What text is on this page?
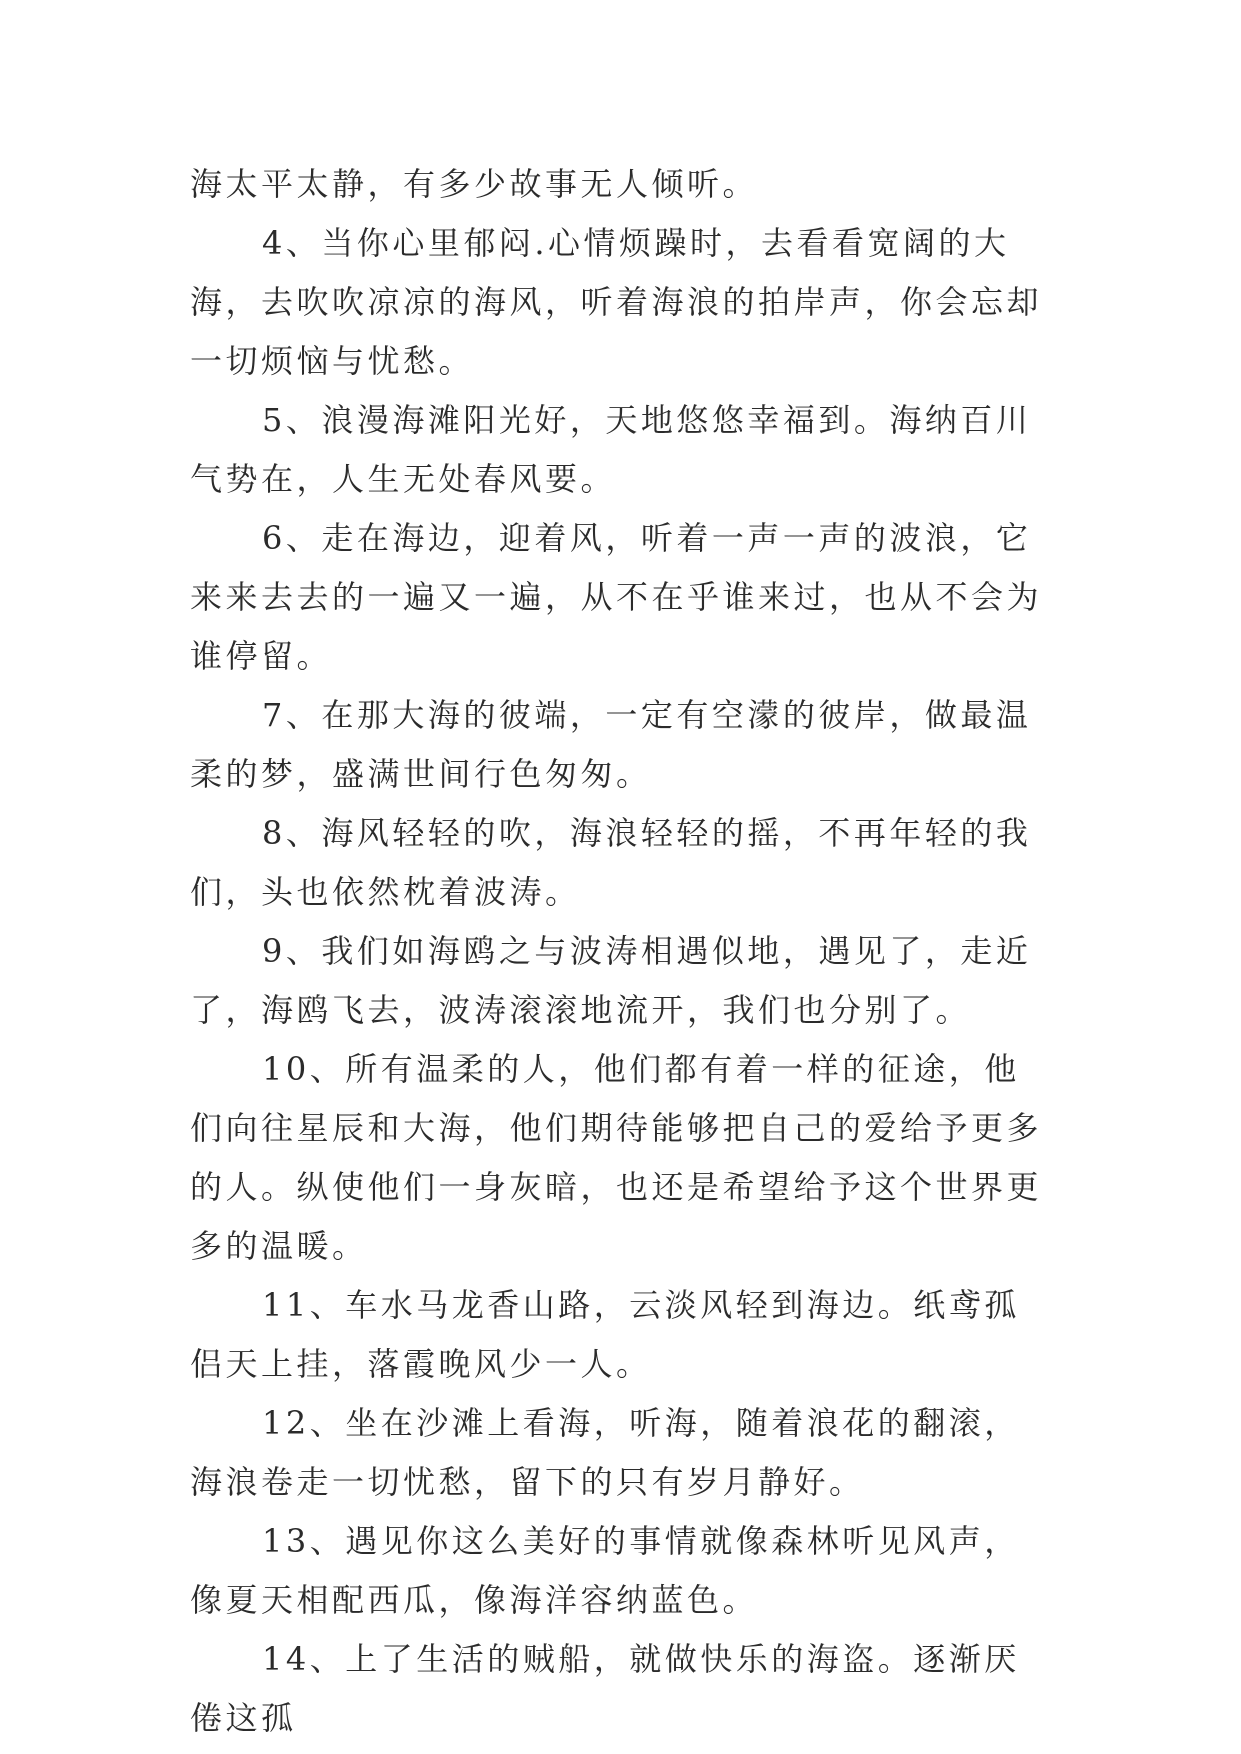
海太平太静，有多少故事无人倾听。

4、当你心里郁闷.心情烦躁时，去看看宽阔的大海，去吹吹凉凉的海风，听着海浪的拍岸声，你会忘却一切烦恼与忧愁。

5、浪漫海滩阳光好，天地悠悠幸福到。海纳百川气势在，人生无处春风要。

6、走在海边，迎着风，听着一声一声的波浪，它来来去去的一遍又一遍，从不在乎谁来过，也从不会为谁停留。

7、在那大海的彼端，一定有空濛的彼岸，做最温柔的梦，盛满世间行色匆匆。

8、海风轻轻的吹，海浪轻轻的摇，不再年轻的我们，头也依然枕着波涛。

9、我们如海鸥之与波涛相遇似地，遇见了，走近了，海鸥飞去，波涛滚滚地流开，我们也分别了。

10、所有温柔的人，他们都有着一样的征途，他们向往星辰和大海，他们期待能够把自己的爱给予更多的人。纵使他们一身灰暗，也还是希望给予这个世界更多的温暖。

11、车水马龙香山路，云淡风轻到海边。纸鸢孤侣天上挂，落霞晚风少一人。

12、坐在沙滩上看海，听海，随着浪花的翻滚，海浪卷走一切忧愁，留下的只有岁月静好。

13、遇见你这么美好的事情就像森林听见风声，像夏天相配西瓜，像海洋容纳蓝色。

14、上了生活的贼船，就做快乐的海盗。逐渐厌倦这孤
